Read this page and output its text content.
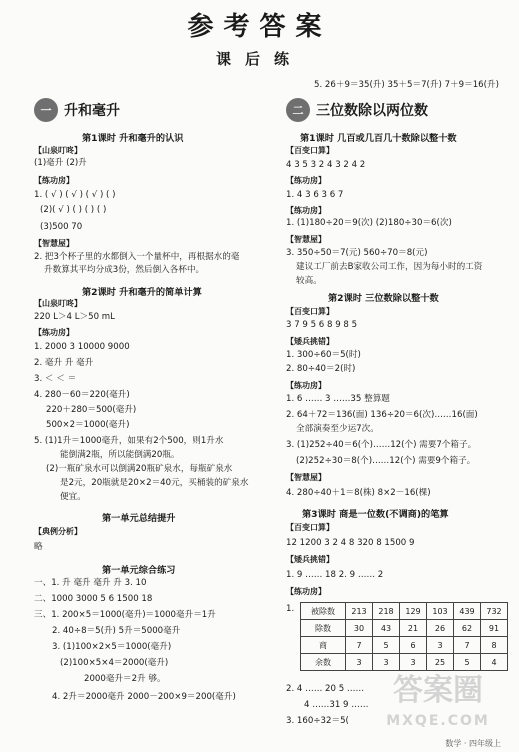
参考答案
课后练
5. 26＋9＝35(升) 35＋5＝7(升) 7＋9＝16(升)
一 升和毫升
第1课时 升和毫升的认识
【山泉叮咚】
(1)毫升 (2)升
【练功房】
1. ( √ ) ( √ ) ( √ ) ( )
(2)( √ ) ( ) ( ) ( )
(3)500 70
【智慧屋】
2. 把3个杯子里的水都倒入一个量杯中，再根据水的毫
升数算其平均分成3份，然后倒入各杯中。
第2课时 升和毫升的简单计算
【山泉叮咚】
220 L＞4 L＞50 mL
【练功房】
1. 2000 3 10000 9000
2. 毫升 升 毫升
3. ＜ ＜ ＝
4. 280－60＝220(毫升)
220＋280＝500(毫升)
500×2＝1000(毫升)
5. (1)1升＝1000毫升，如果有2个500，则1升水
能倒满2瓶，所以能倒满20瓶。
(2)一瓶矿泉水可以倒满20瓶矿泉水，每瓶矿泉水
是2元，20瓶就是20×2＝40元，买桶装的矿泉水
便宜。
第一单元总结提升
【典例分析】
略
第一单元综合练习
一、1. 升 毫升 毫升 升 3. 10
二、1000 3000 5 6 1500 18
三、1. 200×5＝1000(毫升)＝1000毫升＝1升
2. 40÷8＝5(升) 5升＝5000毫升
3. (1)100×2×5＝1000(毫升)
(2)100×5×4＝2000(毫升)
2000毫升＝2升 够。
4. 2升＝2000毫升 2000－200×9＝200(毫升)
二 三位数除以两位数
第1课时 几百或几百几十数除以整十数
【百变口算】
4 3 5 3 2 4 3 2 4 2
【练功房】
1. 4 3 6 3 6 7
【练功房】
1. (1)180÷20＝9(次) (2)180÷30＝6(次)
【智慧屋】
3. 350÷50＝7(元) 560÷70＝8(元)
建议工厂前去B家收公司工作，因为每小时的工资
较高。
第2课时 三位数除以整十数
【百变口算】
3 7 9 5 6 8 9 8 5
【矮兵挑错】
1. 300÷60＝5(时)
2. 80÷40＝2(时)
【练功房】
1. 6 …… 3 ……35 整算题
2. 64＋72＝136(面) 136÷20＝6(次)……16(面)
全部演奏至少运7次。
3. (1)252÷40＝6(个)……12(个) 需要7个箱子。
(2)252÷30＝8(个)……12(个) 需要9个箱子。
【智慧屋】
4. 280÷40＋1＝8(株) 8×2－16(棵)
第3课时 商是一位数(不调商)的笔算
【百变口算】
12 1200 3 2 4 8 320 8 1500 9
【矮兵挑错】
1. 9 …… 18 2. 9 …… 2
【练功房】
1. 被除数	213	218	129	103	439	732
除数	30	43	21	26	62	91
商	7	5	6	3	7	8
余数	3	3	3	25	5	4
2. 4 …… 20 5 ……
4 ……31 9 ……
3. 160÷32＝5(
答案圈
MXQE.COM
数学 · 四年级上
